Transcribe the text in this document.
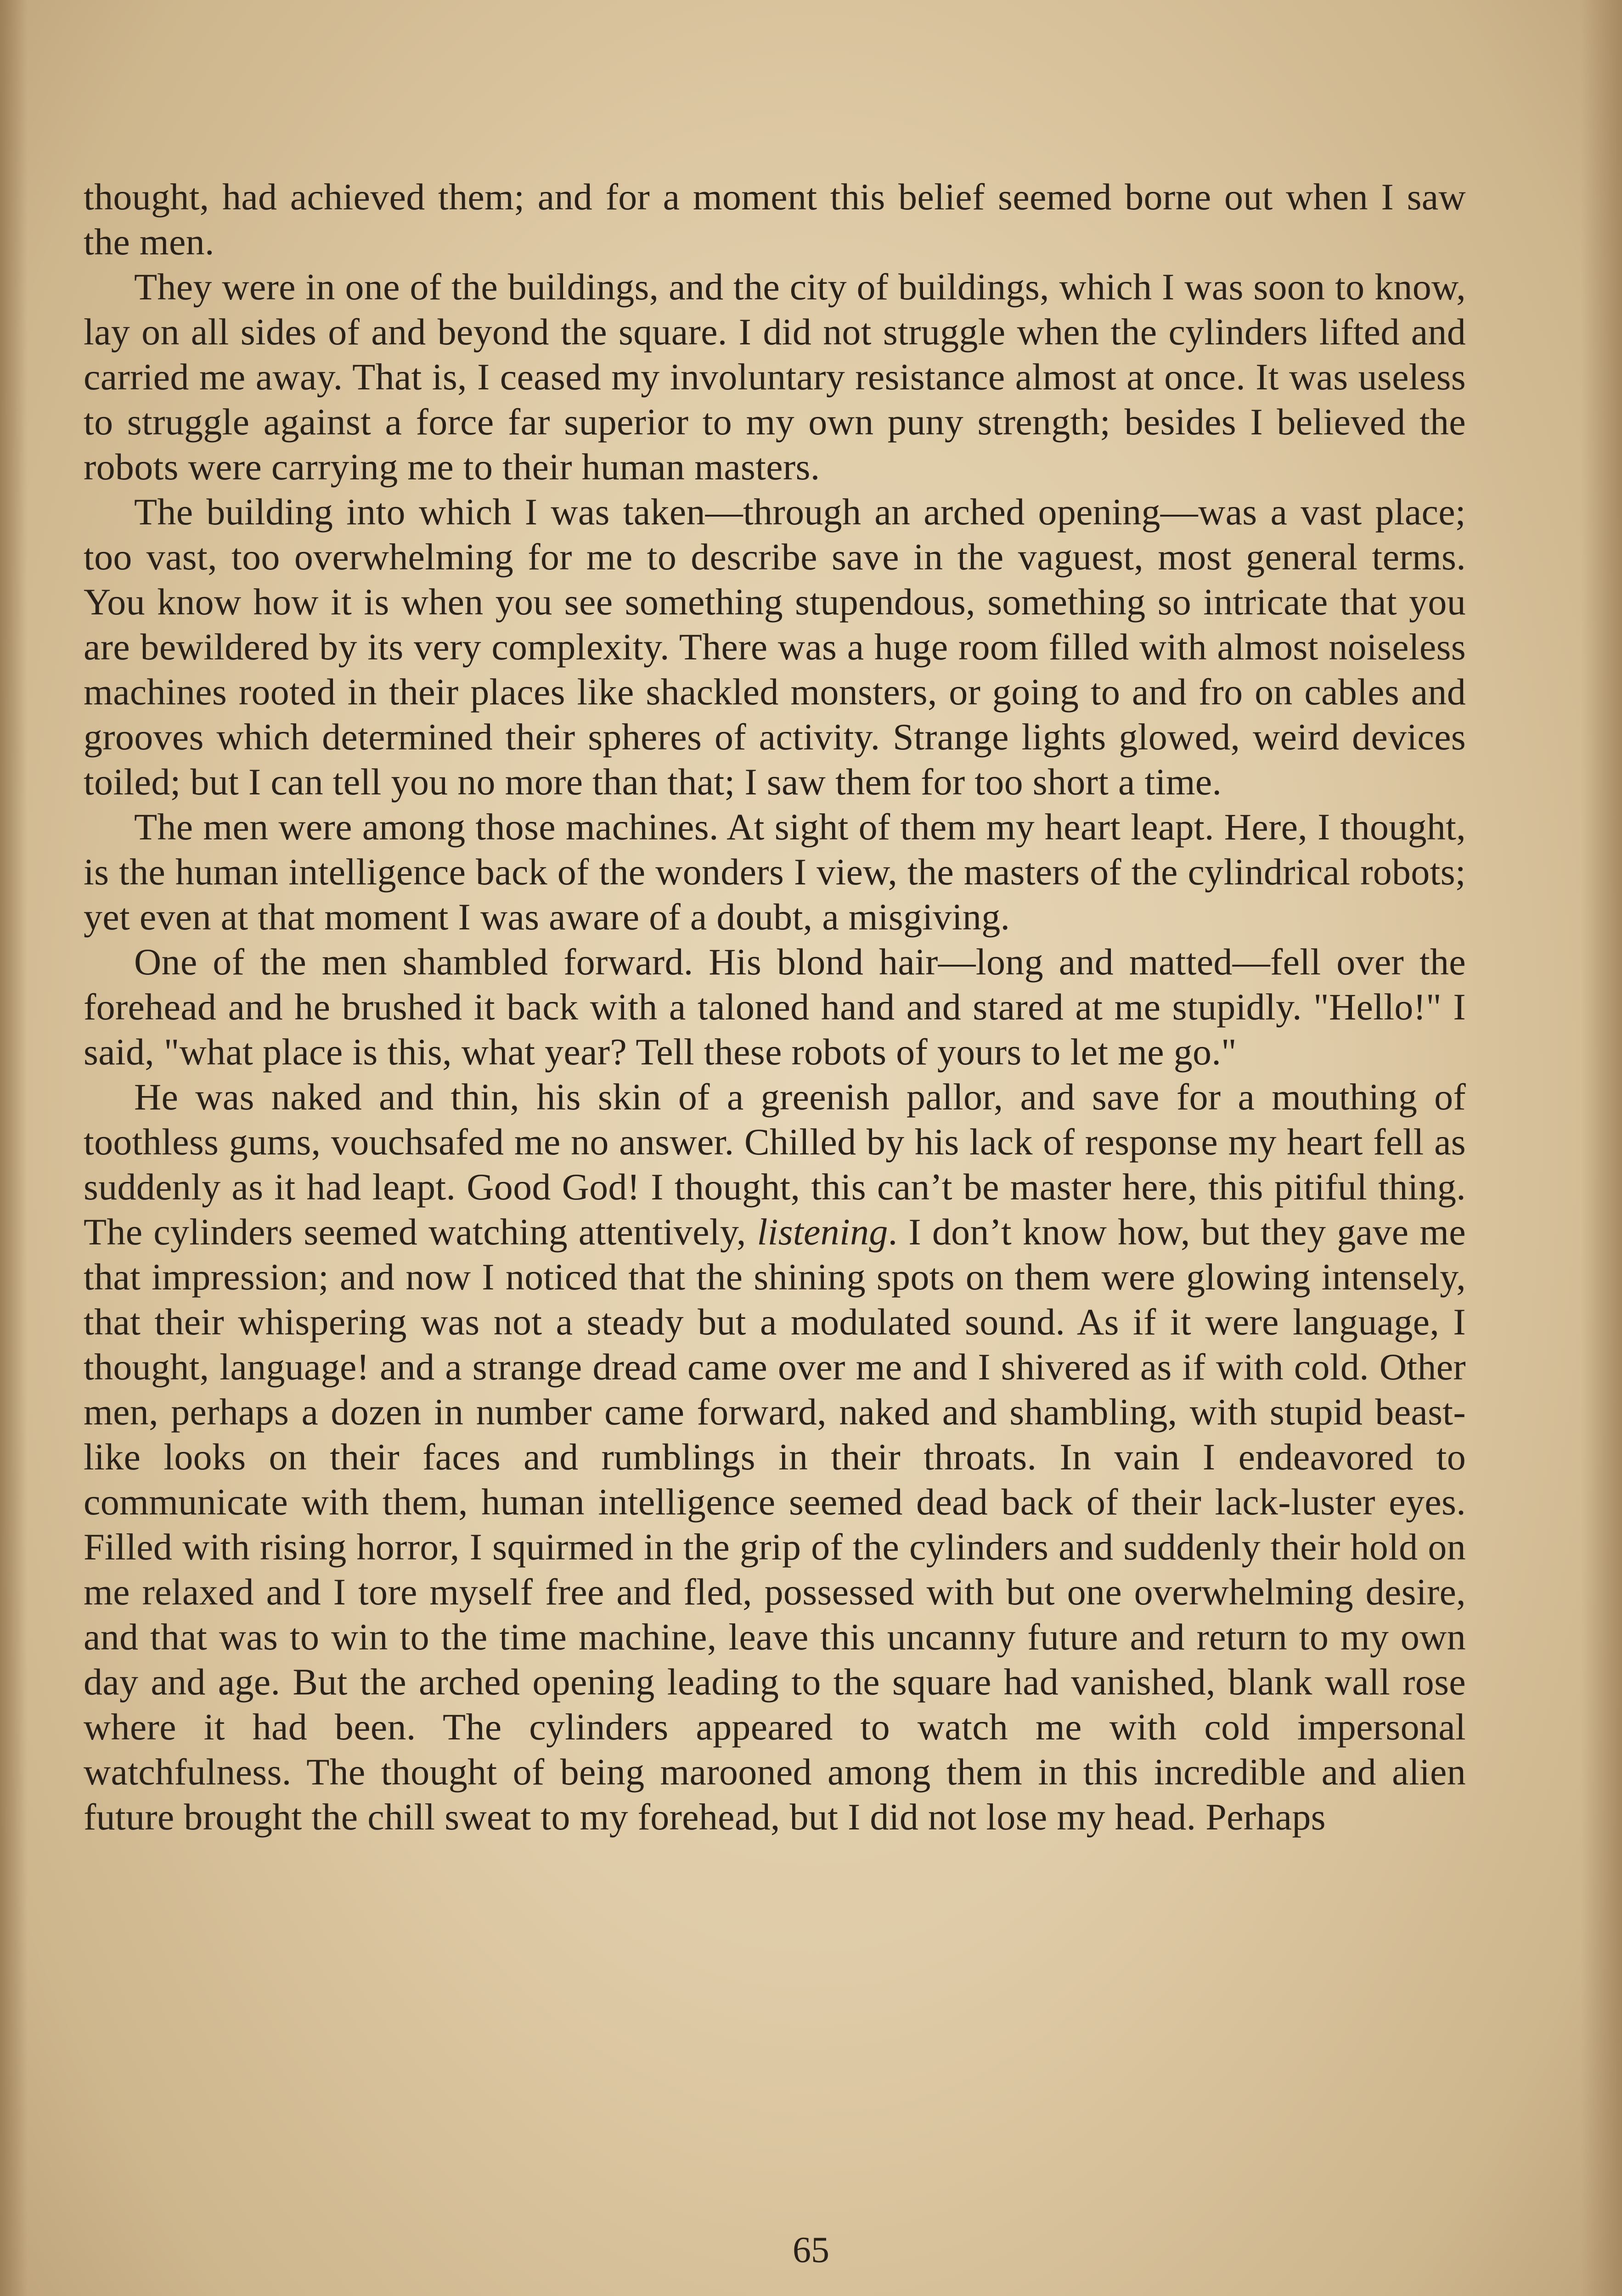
thought, had achieved them; and for a moment this belief seemed borne out when I saw the men.

They were in one of the buildings, and the city of buildings, which I was soon to know, lay on all sides of and beyond the square. I did not struggle when the cylinders lifted and carried me away. That is, I ceased my involuntary resistance almost at once. It was useless to struggle against a force far superior to my own puny strength; besides I believed the robots were carrying me to their human masters.

The building into which I was taken—through an arched opening—was a vast place; too vast, too overwhelming for me to describe save in the vaguest, most general terms. You know how it is when you see something stupendous, something so intricate that you are bewildered by its very complexity. There was a huge room filled with almost noiseless machines rooted in their places like shackled monsters, or going to and fro on cables and grooves which determined their spheres of activity. Strange lights glowed, weird devices toiled; but I can tell you no more than that; I saw them for too short a time.

The men were among those machines. At sight of them my heart leapt. Here, I thought, is the human intelligence back of the wonders I view, the masters of the cylindrical robots; yet even at that moment I was aware of a doubt, a misgiving.

One of the men shambled forward. His blond hair—long and matted—fell over the forehead and he brushed it back with a taloned hand and stared at me stupidly. "Hello!" I said, "what place is this, what year? Tell these robots of yours to let me go."

He was naked and thin, his skin of a greenish pallor, and save for a mouthing of toothless gums, vouchsafed me no answer. Chilled by his lack of response my heart fell as suddenly as it had leapt. Good God! I thought, this can’t be master here, this pitiful thing. The cylinders seemed watching attentively, listening. I don’t know how, but they gave me that impression; and now I noticed that the shining spots on them were glowing intensely, that their whispering was not a steady but a modulated sound. As if it were language, I thought, language! and a strange dread came over me and I shivered as if with cold. Other men, perhaps a dozen in number came forward, naked and shambling, with stupid beast-like looks on their faces and rumblings in their throats. In vain I endeavored to communicate with them, human intelligence seemed dead back of their lack-luster eyes. Filled with rising horror, I squirmed in the grip of the cylinders and suddenly their hold on me relaxed and I tore myself free and fled, possessed with but one overwhelming desire, and that was to win to the time machine, leave this uncanny future and return to my own day and age. But the arched opening leading to the square had vanished, blank wall rose where it had been. The cylinders appeared to watch me with cold impersonal watchfulness. The thought of being marooned among them in this incredible and alien future brought the chill sweat to my forehead, but I did not lose my head. Perhaps

65
